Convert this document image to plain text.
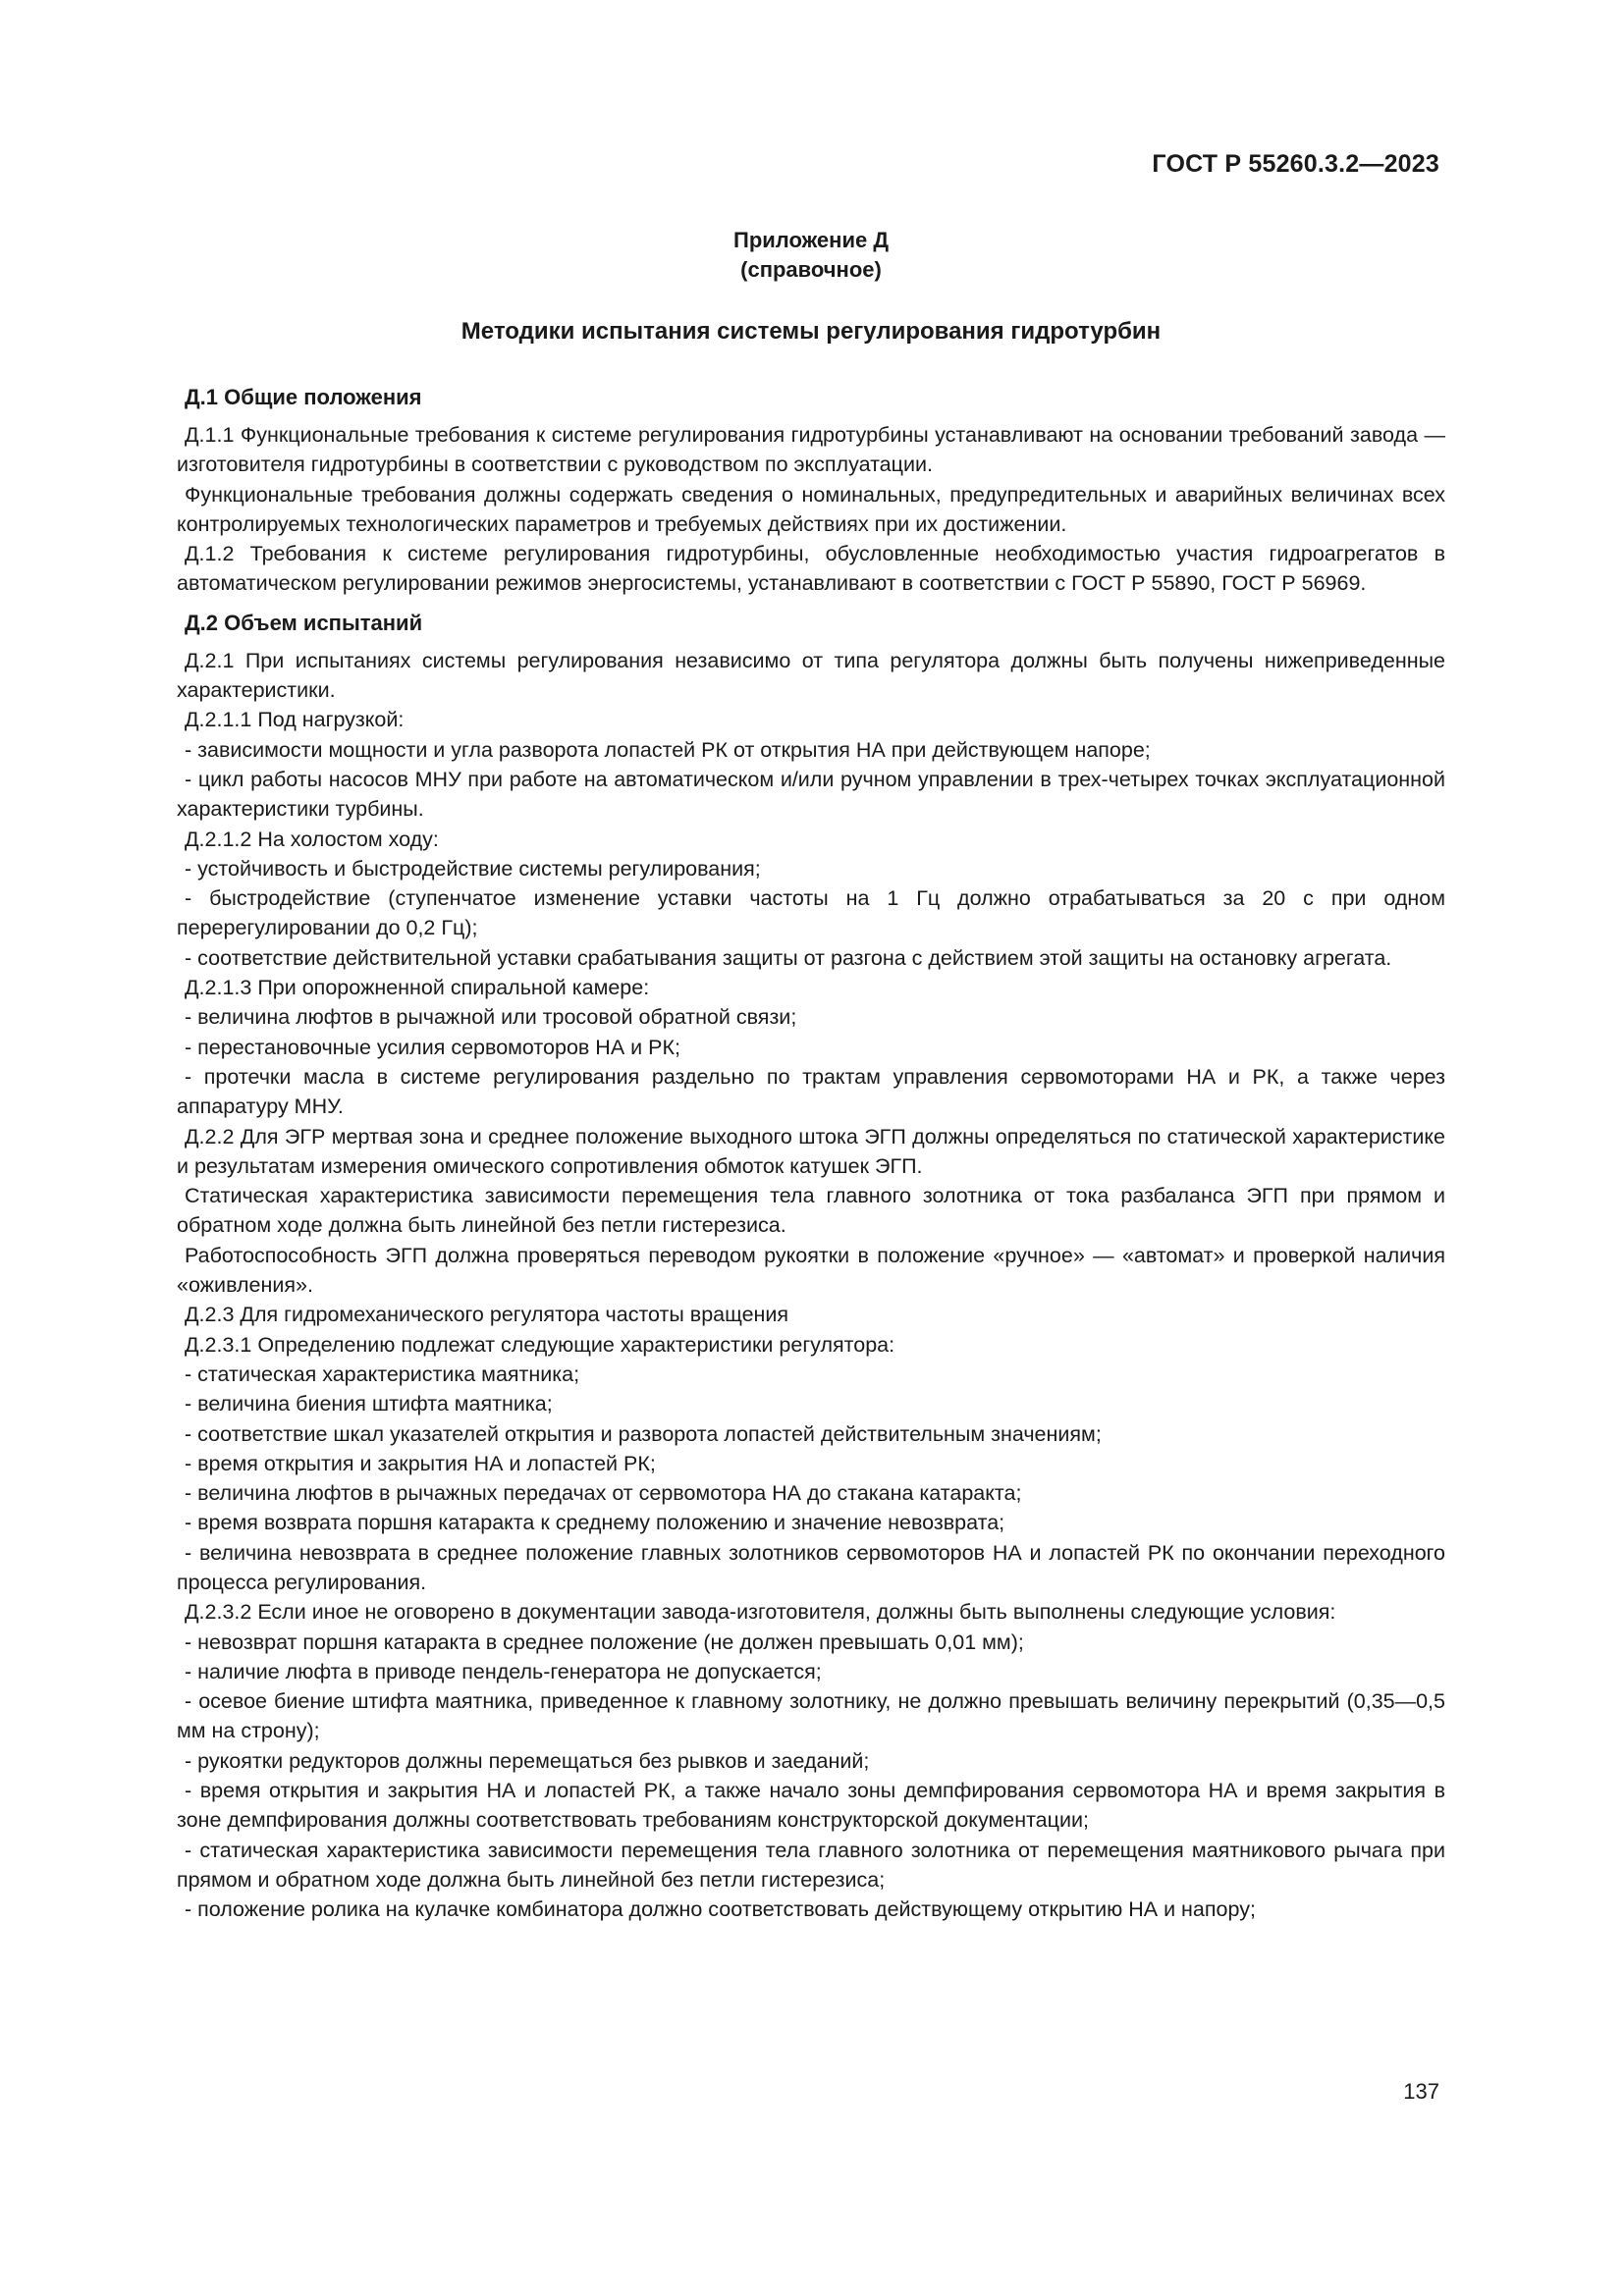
ГОСТ Р 55260.3.2—2023
Приложение Д
(справочное)
Методики испытания системы регулирования гидротурбин
Д.1 Общие положения

Д.1.1 Функциональные требования к системе регулирования гидротурбины устанавливают на основании требований завода — изготовителя гидротурбины в соответствии с руководством по эксплуатации.

Функциональные требования должны содержать сведения о номинальных, предупредительных и аварийных величинах всех контролируемых технологических параметров и требуемых действиях при их достижении.

Д.1.2 Требования к системе регулирования гидротурбины, обусловленные необходимостью участия гидроагрегатов в автоматическом регулировании режимов энергосистемы, устанавливают в соответствии с ГОСТ Р 55890, ГОСТ Р 56969.

Д.2 Объем испытаний

Д.2.1 При испытаниях системы регулирования независимо от типа регулятора должны быть получены нижеприведенные характеристики.

Д.2.1.1 Под нагрузкой:

- зависимости мощности и угла разворота лопастей РК от открытия НА при действующем напоре;

- цикл работы насосов МНУ при работе на автоматическом и/или ручном управлении в трех-четырех точках эксплуатационной характеристики турбины.

Д.2.1.2 На холостом ходу:

- устойчивость и быстродействие системы регулирования;

- быстродействие (ступенчатое изменение уставки частоты на 1 Гц должно отрабатываться за 20 с при одном перерегулировании до 0,2 Гц);

- соответствие действительной уставки срабатывания защиты от разгона с действием этой защиты на остановку агрегата.

Д.2.1.3 При опорожненной спиральной камере:

- величина люфтов в рычажной или тросовой обратной связи;

- перестановочные усилия сервомоторов НА и РК;

- протечки масла в системе регулирования раздельно по трактам управления сервомоторами НА и РК, а также через аппаратуру МНУ.

Д.2.2 Для ЭГР мертвая зона и среднее положение выходного штока ЭГП должны определяться по статической характеристике и результатам измерения омического сопротивления обмоток катушек ЭГП.

Статическая характеристика зависимости перемещения тела главного золотника от тока разбаланса ЭГП при прямом и обратном ходе должна быть линейной без петли гистерезиса.

Работоспособность ЭГП должна проверяться переводом рукоятки в положение «ручное» — «автомат» и проверкой наличия «оживления».

Д.2.3 Для гидромеханического регулятора частоты вращения

Д.2.3.1 Определению подлежат следующие характеристики регулятора:

- статическая характеристика маятника;

- величина биения штифта маятника;

- соответствие шкал указателей открытия и разворота лопастей действительным значениям;

- время открытия и закрытия НА и лопастей РК;

- величина люфтов в рычажных передачах от сервомотора НА до стакана катаракта;

- время возврата поршня катаракта к среднему положению и значение невозврата;

- величина невозврата в среднее положение главных золотников сервомоторов НА и лопастей РК по окончании переходного процесса регулирования.

Д.2.3.2 Если иное не оговорено в документации завода-изготовителя, должны быть выполнены следующие условия:

- невозврат поршня катаракта в среднее положение (не должен превышать 0,01 мм);

- наличие люфта в приводе пендель-генератора не допускается;

- осевое биение штифта маятника, приведенное к главному золотнику, не должно превышать величину перекрытий (0,35—0,5 мм на строну);

- рукоятки редукторов должны перемещаться без рывков и заеданий;

- время открытия и закрытия НА и лопастей РК, а также начало зоны демпфирования сервомотора НА и время закрытия в зоне демпфирования должны соответствовать требованиям конструкторской документации;

- статическая характеристика зависимости перемещения тела главного золотника от перемещения маятникового рычага при прямом и обратном ходе должна быть линейной без петли гистерезиса;

- положение ролика на кулачке комбинатора должно соответствовать действующему открытию НА и напору;

137
